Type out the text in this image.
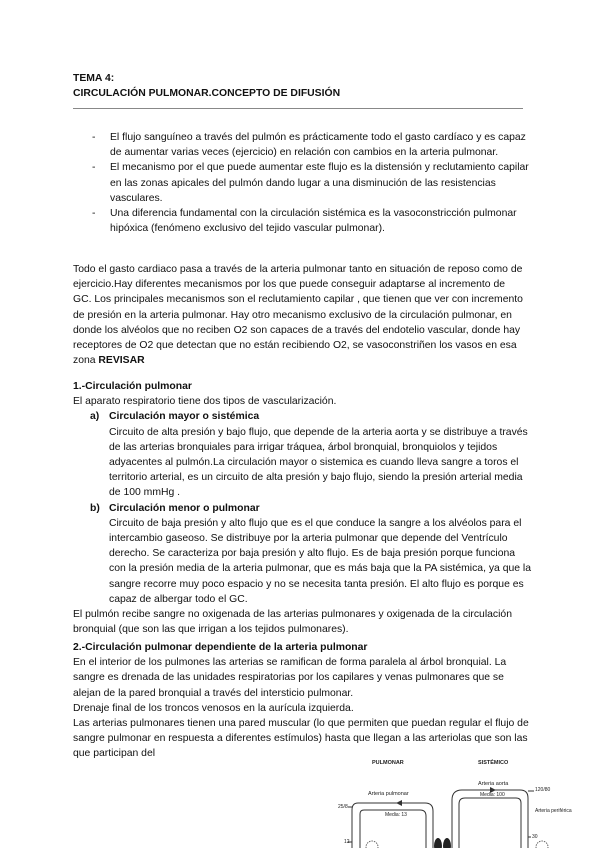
TEMA 4:
CIRCULACIÓN PULMONAR.CONCEPTO DE DIFUSIÓN
- El flujo sanguíneo a través del pulmón es prácticamente todo el gasto cardíaco y es capaz de aumentar varias veces (ejercicio) en relación con cambios en la arteria pulmonar.
- El mecanismo por el que puede aumentar este flujo es la distensión y reclutamiento capilar en las zonas apicales del pulmón dando lugar a una disminución de las resistencias vasculares.
- Una diferencia fundamental con la circulación sistémica es la vasoconstricción pulmonar hipóxica (fenómeno exclusivo del tejido vascular pulmonar).
Todo el gasto cardiaco pasa a través de la arteria pulmonar tanto en situación de reposo como de ejercicio.Hay diferentes mecanismos por los que puede conseguir adaptarse al incremento de GC. Los principales mecanismos son el reclutamiento capilar , que tienen que ver con incremento de presión en la arteria pulmonar. Hay otro mecanismo exclusivo de la circulación pulmonar, en donde los alvéolos que no reciben O2 son capaces de a través del endotelio vascular, donde hay receptores de O2 que detectan que no están recibiendo O2, se vasoconstriñen los vasos en esa zona REVISAR
1.-Circulación pulmonar
El aparato respiratorio tiene dos tipos de vascularización.
a) Circulación mayor o sistémica
Circuito de alta presión y bajo flujo, que depende de la arteria aorta y se distribuye a través de las arterias bronquiales para irrigar tráquea, árbol bronquial, bronquiolos y tejidos adyacentes al pulmón.La circulación mayor o sistemica es cuando lleva sangre a toros el territorio arterial, es un circuito de alta presión y bajo flujo, siendo la presión arterial media de 100 mmHg .
b) Circulación menor o pulmonar
Circuito de baja presión y alto flujo que es el que conduce la sangre a los alvéolos para el intercambio gaseoso. Se distribuye por la arteria pulmonar que depende del Ventrículo derecho. Se caracteriza por baja presión y alto flujo. Es de baja presión porque funciona con la presión media de la arteria pulmonar, que es más baja que la PA sistémica, ya que la sangre recorre muy poco espacio y no se necesita tanta presión. El alto flujo es porque es capaz de albergar todo el GC.
El pulmón recibe sangre no oxigenada de las arterias pulmonares y oxigenada de la circulación bronquial (que son las que irrigan a los tejidos pulmonares).
2.-Circulación pulmonar dependiente de la arteria pulmonar
En el interior de los pulmones las arterias se ramifican de forma paralela al árbol bronquial. La sangre es drenada de las unidades respiratorias por los capilares y venas pulmonares que se alejan de la pared bronquial a través del intersticio pulmonar.
Drenaje final de los troncos venosos en la aurícula izquierda.
Las arterias pulmonares tienen una pared muscular (lo que permiten que puedan regular el flujo de sangre pulmonar en respuesta a diferentes estímulos) hasta que llegan a las arteriolas que son las que participan del
PULMONAR	SISTÉMICO
Arteria aorta
Media: 100
120/80
Arteria pulmonar
Media: 13
25/8
Arteria periférica
12
30
